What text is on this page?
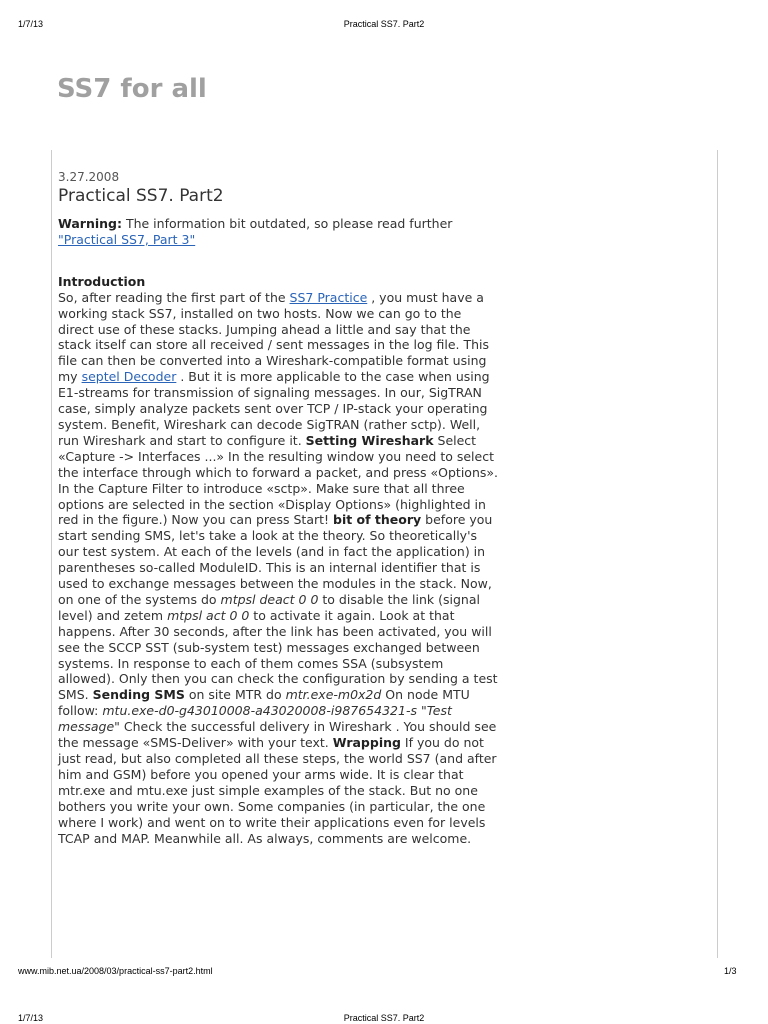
1/7/13	Practical SS7. Part2
SS7 for all
3.27.2008
Practical SS7. Part2
Warning: The information bit outdated, so please read further "Practical SS7, Part 3"
Introduction
So, after reading the first part of the SS7 Practice , you must have a working stack SS7, installed on two hosts. Now we can go to the direct use of these stacks. Jumping ahead a little and say that the stack itself can store all received / sent messages in the log file. This file can then be converted into a Wireshark-compatible format using my septel Decoder . But it is more applicable to the case when using E1-streams for transmission of signaling messages. In our, SigTRAN case, simply analyze packets sent over TCP / IP-stack your operating system. Benefit, Wireshark can decode SigTRAN (rather sctp). Well, run Wireshark and start to configure it. Setting Wireshark Select «Capture -> Interfaces ...» In the resulting window you need to select the interface through which to forward a packet, and press «Options». In the Capture Filter to introduce «sctp». Make sure that all three options are selected in the section «Display Options» (highlighted in red in the figure.) Now you can press Start! bit of theory before you start sending SMS, let's take a look at the theory. So theoretically's our test system. At each of the levels (and in fact the application) in parentheses so-called ModuleID. This is an internal identifier that is used to exchange messages between the modules in the stack. Now, on one of the systems do mtpsl deact 0 0 to disable the link (signal level) and zetem mtpsl act 0 0 to activate it again. Look at that happens. After 30 seconds, after the link has been activated, you will see the SCCP SST (sub-system test) messages exchanged between systems. In response to each of them comes SSA (subsystem allowed). Only then you can check the configuration by sending a test SMS. Sending SMS on site MTR do mtr.exe-m0x2d On node MTU follow: mtu.exe-d0-g43010008-a43020008-i987654321-s "Test message" Check the successful delivery in Wireshark . You should see the message «SMS-Deliver» with your text. Wrapping If you do not just read, but also completed all these steps, the world SS7 (and after him and GSM) before you opened your arms wide. It is clear that mtr.exe and mtu.exe just simple examples of the stack. But no one bothers you write your own. Some companies (in particular, the one where I work) and went on to write their applications even for levels TCAP and MAP. Meanwhile all. As always, comments are welcome.
www.mib.net.ua/2008/03/practical-ss7-part2.html	1/3
1/7/13	Practical SS7. Part2
